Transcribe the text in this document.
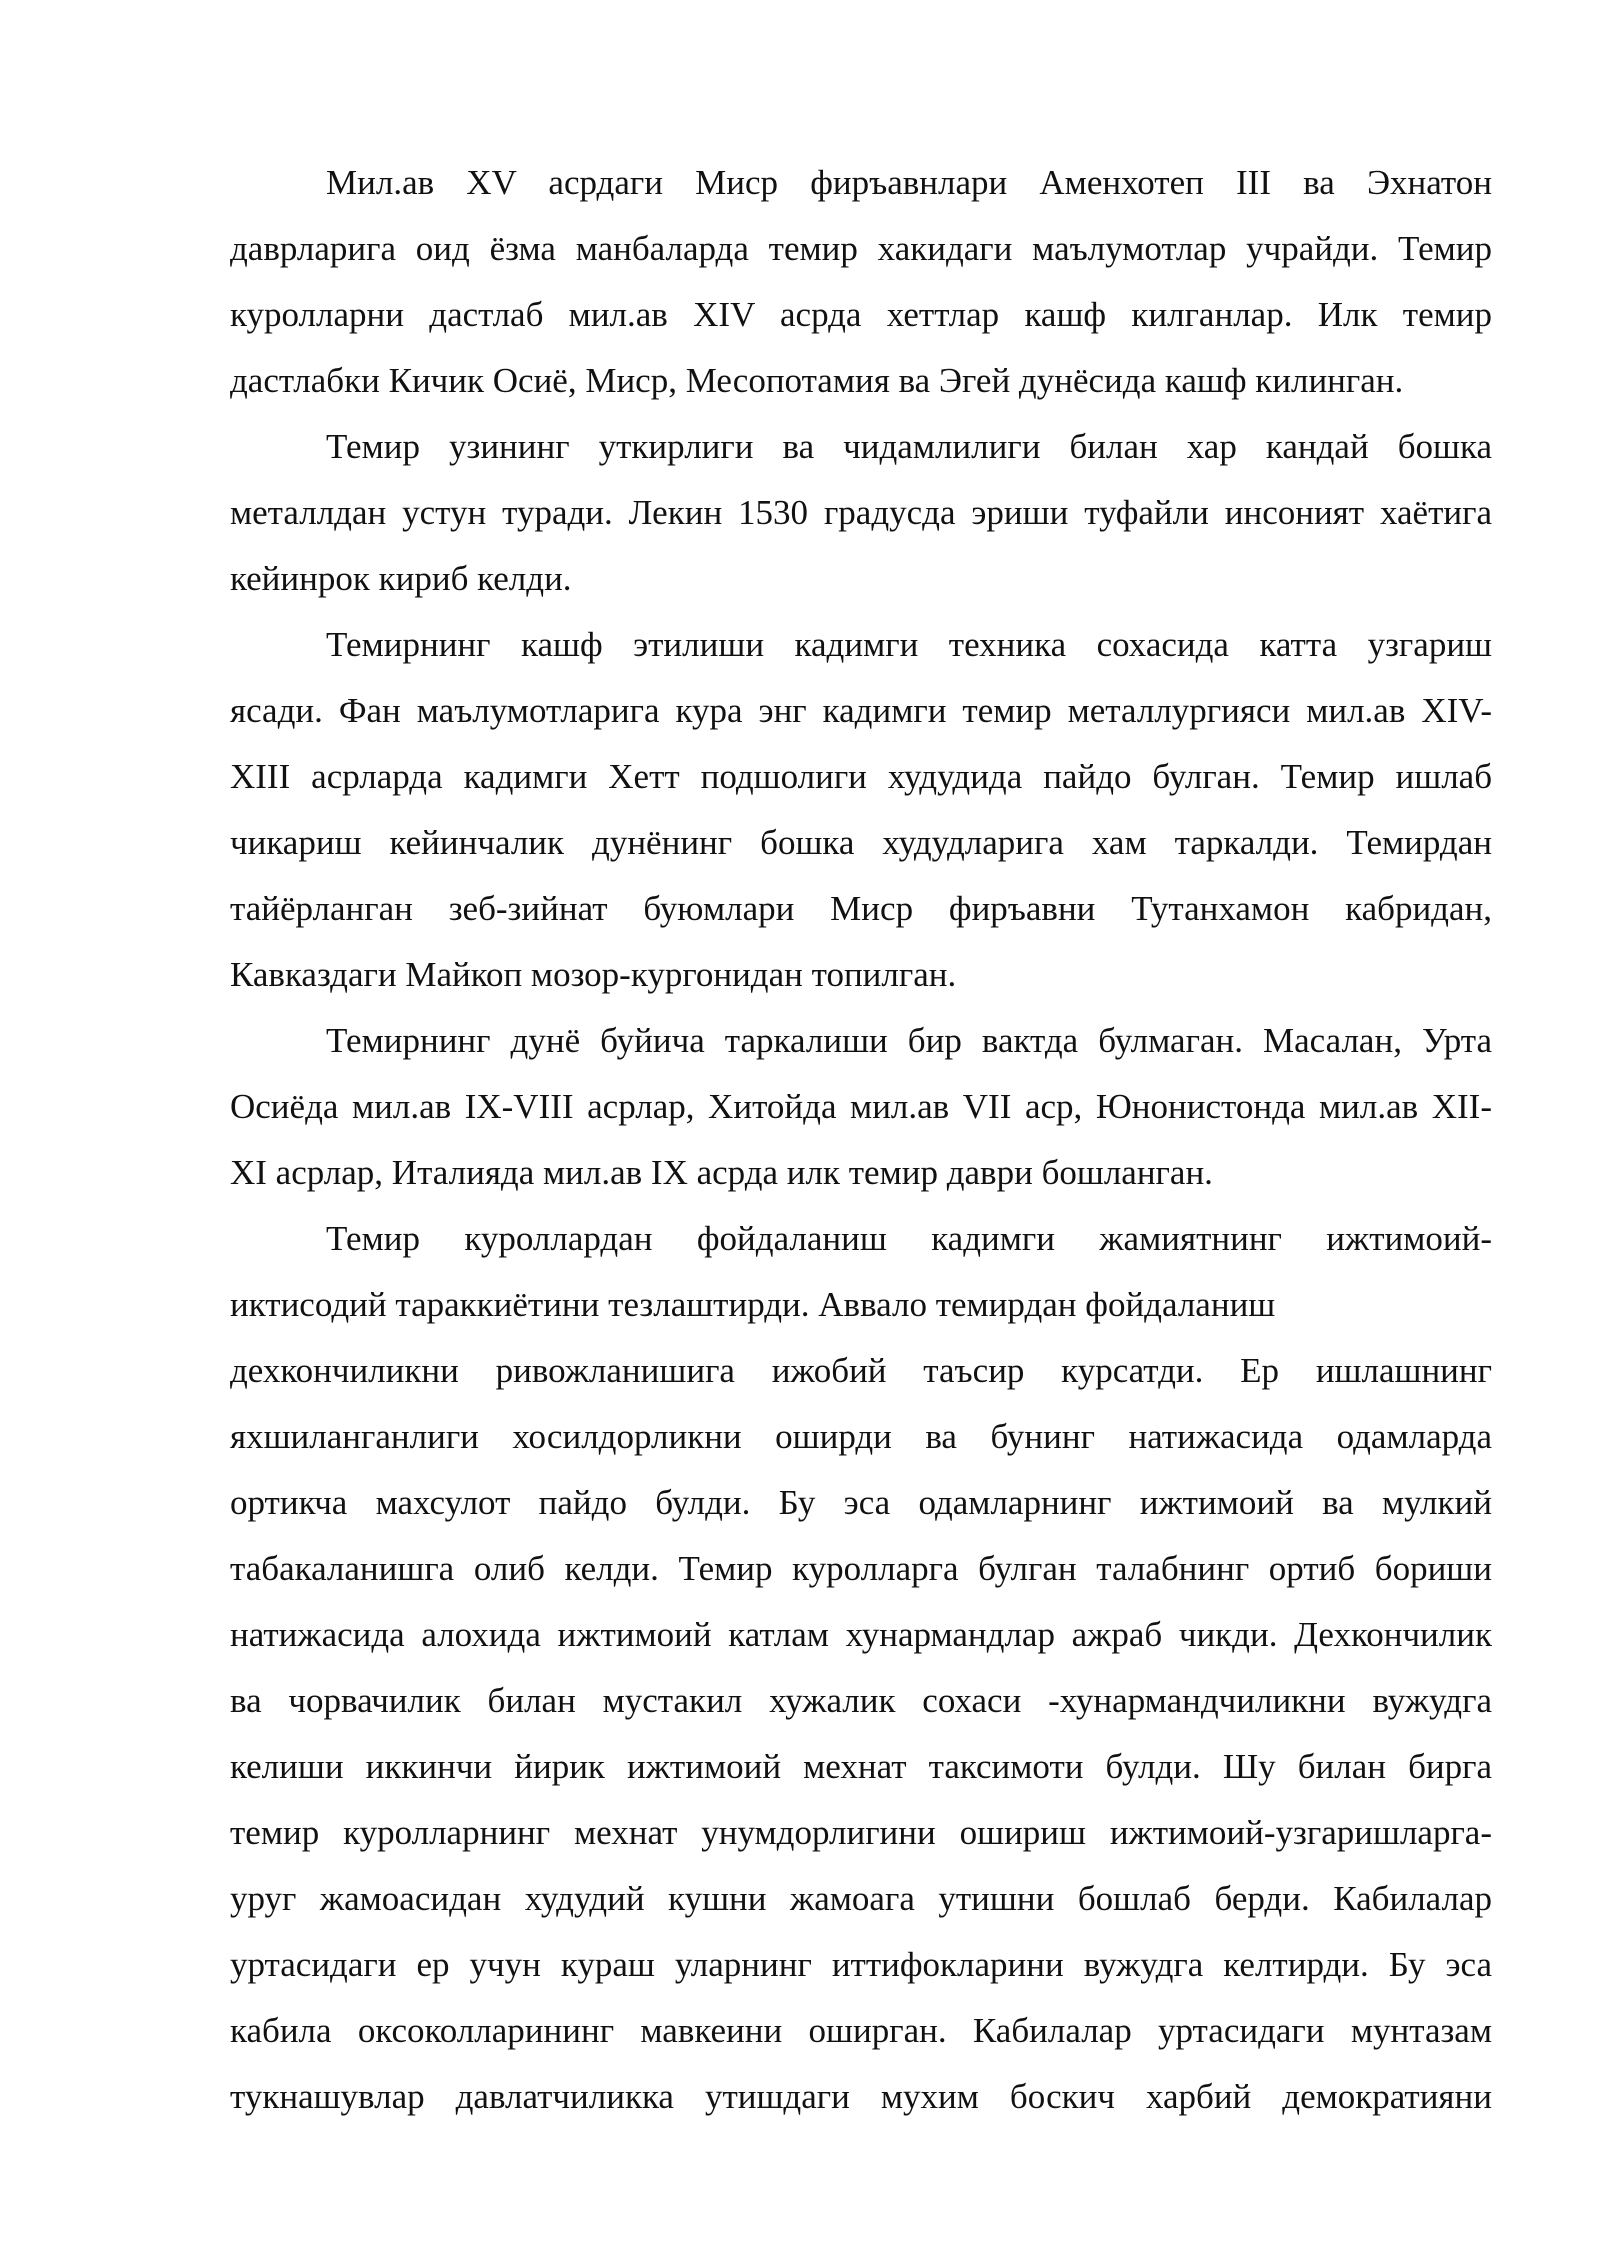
Мил.ав XV асрдаги Миср фиръавнлари Аменхотеп III ва Эхнатон
даврларига оид ёзма манбаларда темир хакидаги маълумотлар учрайди. Темир
куролларни дастлаб мил.ав XIV асрда хеттлар кашф килганлар. Илк темир
дастлабки Кичик Осиё, Миср, Месопотамия ва Эгей дунёсида кашф килинган.
Темир узининг уткирлиги ва чидамлилиги билан хар кандай бошка
металлдан устун туради. Лекин 1530 градусда эриши туфайли инсоният хаётига
кейинрок кириб келди.
Темирнинг кашф этилиши кадимги техника сохасида катта узгариш
ясади. Фан маълумотларига кура энг кадимги темир металлургияси мил.ав XIV-
XIII асрларда кадимги Хетт подшолиги худудида пайдо булган. Темир ишлаб
чикариш кейинчалик дунёнинг бошка худудларига хам таркалди. Темирдан
тайёрланган зеб-зийнат буюмлари Миср фиръавни Тутанхамон кабридан,
Кавказдаги Майкоп мозор-кургонидан топилган.
Темирнинг дунё буйича таркалиши бир вактда булмаган. Масалан, Урта
Осиёда мил.ав IX-VIII асрлар, Хитойда мил.ав VII аср, Юнонистонда мил.ав XII-
XI асрлар, Италияда мил.ав IX асрда илк темир даври бошланган.
Темир куроллардан фойдаланиш кадимги жамиятнинг ижтимоий-
иктисодий тараккиётини тезлаштирди. Аввало темирдан фойдаланиш
дехкончиликни ривожланишига ижобий таъсир курсатди. Ер ишлашнинг
яхшиланганлиги хосилдорликни оширди ва бунинг натижасида одамларда
ортикча махсулот пайдо булди. Бу эса одамларнинг ижтимоий ва мулкий
табакаланишга олиб келди. Темир куролларга булган талабнинг ортиб бориши
натижасида алохида ижтимоий катлам хунармандлар ажраб чикди. Дехкончилик
ва чорвачилик билан мустакил хужалик сохаси -хунармандчиликни вужудга
келиши иккинчи йирик ижтимоий мехнат таксимоти булди. Шу билан бирга
темир куролларнинг мехнат унумдорлигини ошириш ижтимоий-узгаришларга-
уруг жамоасидан худудий кушни жамоага утишни бошлаб берди. Кабилалар
уртасидаги ер учун кураш уларнинг иттифокларини вужудга келтирди. Бу эса
кабила оксоколларининг мавкеини оширган. Кабилалар уртасидаги мунтазам
тукнашувлар давлатчиликка утишдаги мухим боскич харбий демократияни
